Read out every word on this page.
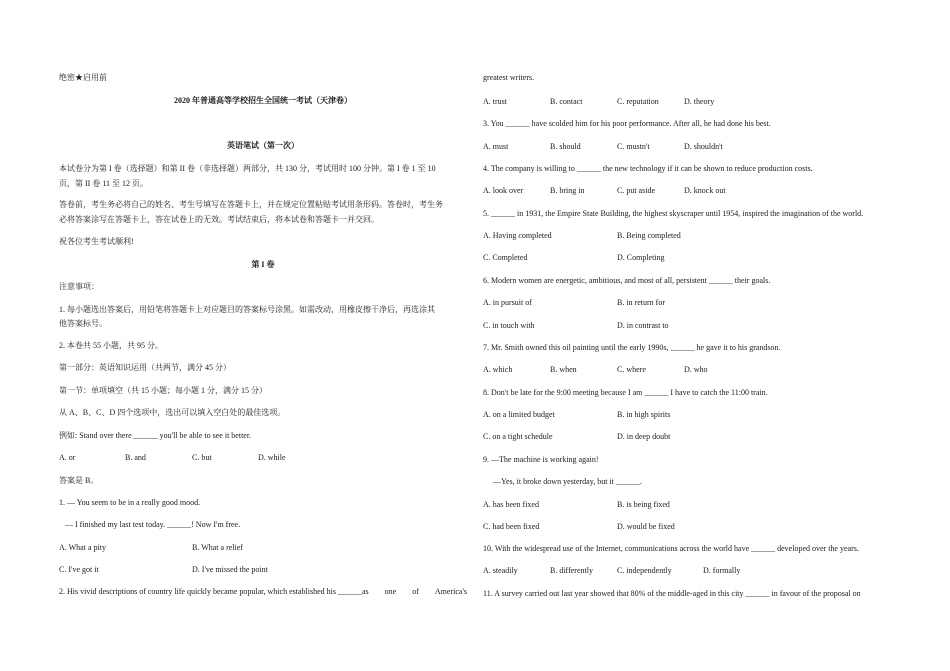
绝密★启用前
2020 年普通高等学校招生全国统一考试（天津卷）
英语笔试（第一次）
本试卷分为第 I 卷（选择题）和第 II 卷（非选择题）两部分，共 130 分，考试用时 100 分钟。第 I 卷 1 至 10
页，第 II 卷 11 至 12 页。
答卷前，考生务必将自己的姓名、考生号填写在答题卡上，并在规定位置粘贴考试用条形码。答卷时，考生务
必将答案涂写在答题卡上，答在试卷上的无效。考试结束后，将本试卷和答题卡一并交回。
祝各位考生考试顺利!
第 I 卷
注意事项：
1. 每小题选出答案后，用铅笔将答题卡上对应题目的答案标号涂黑。如需改动，用橡皮擦干净后，再选涂其
他答案标号。
2. 本卷共 55 小题，共 95 分。
第一部分：英语知识运用（共两节，满分 45 分）
第一节：单项填空（共 15 小题；每小题 1 分，满分 15 分）
从 A、B、C、D 四个选项中，选出可以填入空白处的最佳选项。
例如: Stand over there ______ you'll be able to see it better.
A. or	B. and	C. but	D. while
答案是 B。
1. — You seem to be in a really good mood.
— I finished my last test today. ______! Now I'm free.
A. What a pity	B. What a relief
C. I've got it	D. I've missed the point
2. His vivid descriptions of country life quickly became popular, which established his ______as one of America's
greatest writers.
A. trust	B. contact	C. reputation	D. theory
3. You ______ have scolded him for his poor performance. After all, he had done his best.
A. must	B. should	C. mustn't	D. shouldn't
4. The company is willing to ______ the new technology if it can be shown to reduce production costs.
A. look over	B. bring in	C. put aside	D. knock out
5. ______ in 1931, the Empire State Building, the highest skyscraper until 1954, inspired the imagination of the world.
A. Having completed	B. Being completed
C. Completed	D. Completing
6. Modern women are energetic, ambitious, and most of all, persistent ______ their goals.
A. in pursuit of	B. in return for
C. in touch with	D. in contrast to
7. Mr. Smith owned this oil painting until the early 1990s, ______ he gave it to his grandson.
A. which	B. when	C. where	D. who
8. Don't be late for the 9:00 meeting because I am ______ I have to catch the 11:00 train.
A. on a limited budget	B. in high spirits
C. on a tight schedule	D. in deep doubt
9. —The machine is working again!
—Yes, it broke down yesterday, but it ______.
A. has been fixed	B. is being fixed
C. had been fixed	D. would be fixed
10. With the widespread use of the Internet, communications across the world have ______ developed over the years.
A. steadily	B. differently	C. independently	D. formally
11. A survey carried out last year showed that 80% of the middle-aged in this city ______ in favour of the proposal on
